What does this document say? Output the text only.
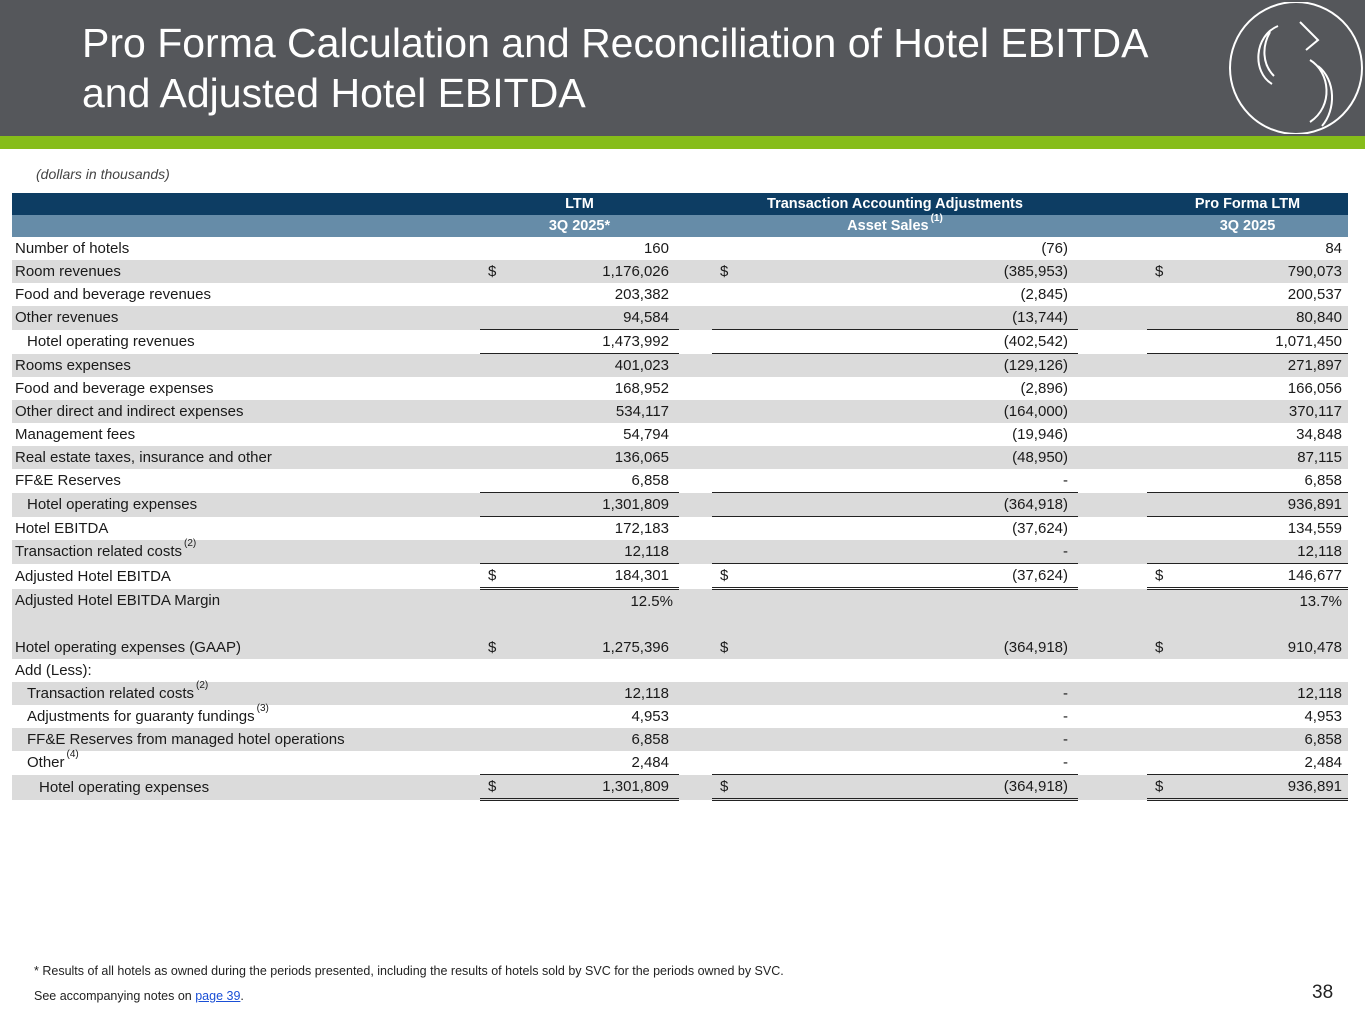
Pro Forma Calculation and Reconciliation of Hotel EBITDA
and Adjusted Hotel EBITDA
(dollars in thousands)
	LTM			Transaction Accounting Adjustments			Pro Forma LTM	
	3Q 2025*			Asset Sales $^{(1)}$			3Q 2025	
Number of hotels		160			(76)			84
Room revenues	$	1,176,026		$	(385,953)		$	790,073
Food and beverage revenues		203,382			(2,845)			200,537
Other revenues		94,584			(13,744)			80,840
Hotel operating revenues		1,473,992			(402,542)			1,071,450
Rooms expenses		401,023			(129,126)			271,897
Food and beverage expenses		168,952			(2,896)			166,056
Other direct and indirect expenses		534,117			(164,000)			370,117
Management fees		54,794			(19,946)			34,848
Real estate taxes, insurance and other		136,065			(48,950)			87,115
FF&E Reserves		6,858			-			6,858
Hotel operating expenses		1,301,809			(364,918)			936,891
Hotel EBITDA		172,183			(37,624)			134,559
Transaction related costs $^{(2)}$		12,118			-			12,118
Adjusted Hotel EBITDA	$	184,301		$	(37,624)		$	146,677
Adjusted Hotel EBITDA Margin		12.5%						13.7%

Hotel operating expenses (GAAP)	$	1,275,396		$	(364,918)		$	910,478
Add (Less):								
Transaction related costs $^{(2)}$		12,118			-			12,118
Adjustments for guaranty fundings $^{(3)}$		4,953			-			4,953
FF&E Reserves from managed hotel operations		6,858			-			6,858
Other $^{(4)}$		2,484			-			2,484
Hotel operating expenses	$	1,301,809		$	(364,918)		$	936,891
* Results of all hotels as owned during the periods presented, including the results of hotels sold by SVC for the periods owned by SVC.
See accompanying notes on page 39.	38
